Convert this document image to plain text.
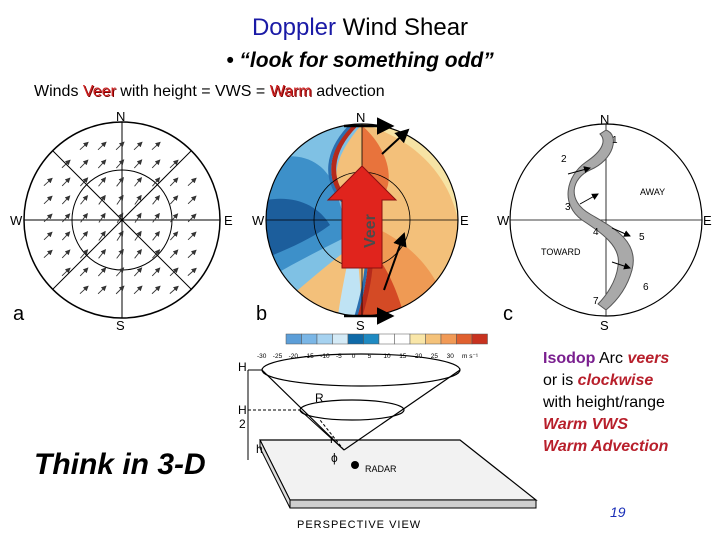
Doppler Wind Shear
• “look for something odd”
Winds Veer with height = VWS = Warm advection
N
S
E
W
a
Veer
N
S
E
W
b
1
2
3
4	5
6
7
AWAY
TOWARD
N
S
E
W
c
-30 -25 -20 -15 -10 -5 0 5 10 15 20 25 30 m s⁻¹
H
H
2
h
R
r
ϕ
RADAR
PERSPECTIVE VIEW
Think in 3-D
Isodop Arc veers
or is clockwise
with height/range
Warm VWS
Warm Advection
19
